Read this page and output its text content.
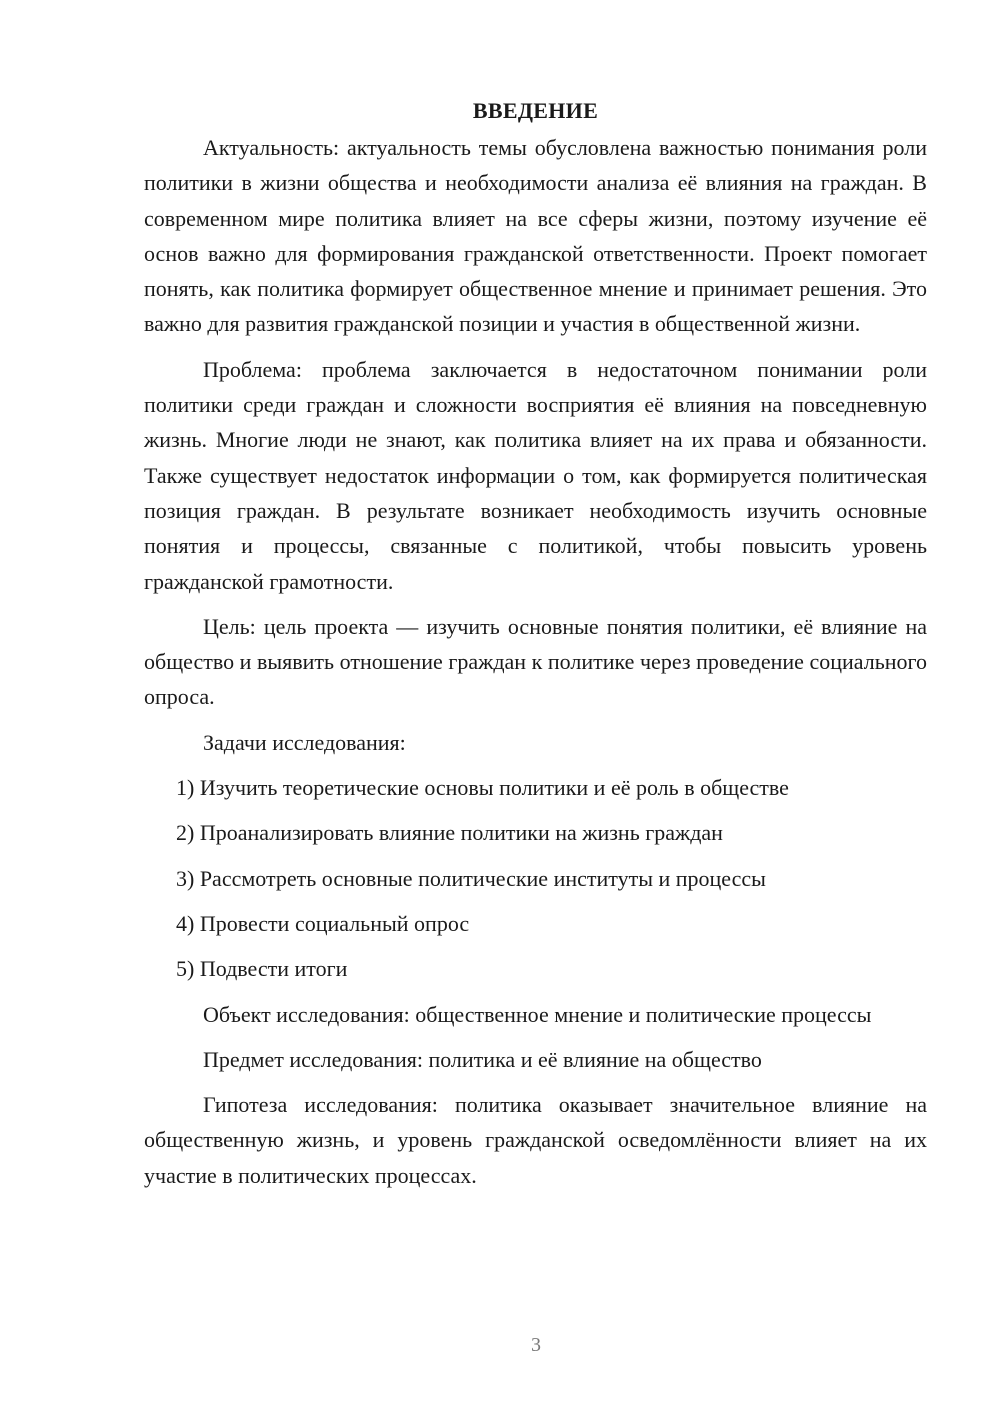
ВВЕДЕНИЕ

Актуальность: актуальность темы обусловлена важностью понимания роли политики в жизни общества и необходимости анализа её влияния на граждан. В современном мире политика влияет на все сферы жизни, поэтому изучение её основ важно для формирования гражданской ответственности. Проект помогает понять, как политика формирует общественное мнение и принимает решения. Это важно для развития гражданской позиции и участия в общественной жизни.

Проблема: проблема заключается в недостаточном понимании роли политики среди граждан и сложности восприятия её влияния на повседневную жизнь. Многие люди не знают, как политика влияет на их права и обязанности. Также существует недостаток информации о том, как формируется политическая позиция граждан. В результате возникает необходимость изучить основные понятия и процессы, связанные с политикой, чтобы повысить уровень гражданской грамотности.

Цель: цель проекта — изучить основные понятия политики, её влияние на общество и выявить отношение граждан к политике через проведение социального опроса.

Задачи исследования:

1) Изучить теоретические основы политики и её роль в обществе

2) Проанализировать влияние политики на жизнь граждан

3) Рассмотреть основные политические институты и процессы

4) Провести социальный опрос

5) Подвести итоги

Объект исследования: общественное мнение и политические процессы

Предмет исследования: политика и её влияние на общество

Гипотеза исследования: политика оказывает значительное влияние на общественную жизнь, и уровень гражданской осведомлённости влияет на их участие в политических процессах.

3
